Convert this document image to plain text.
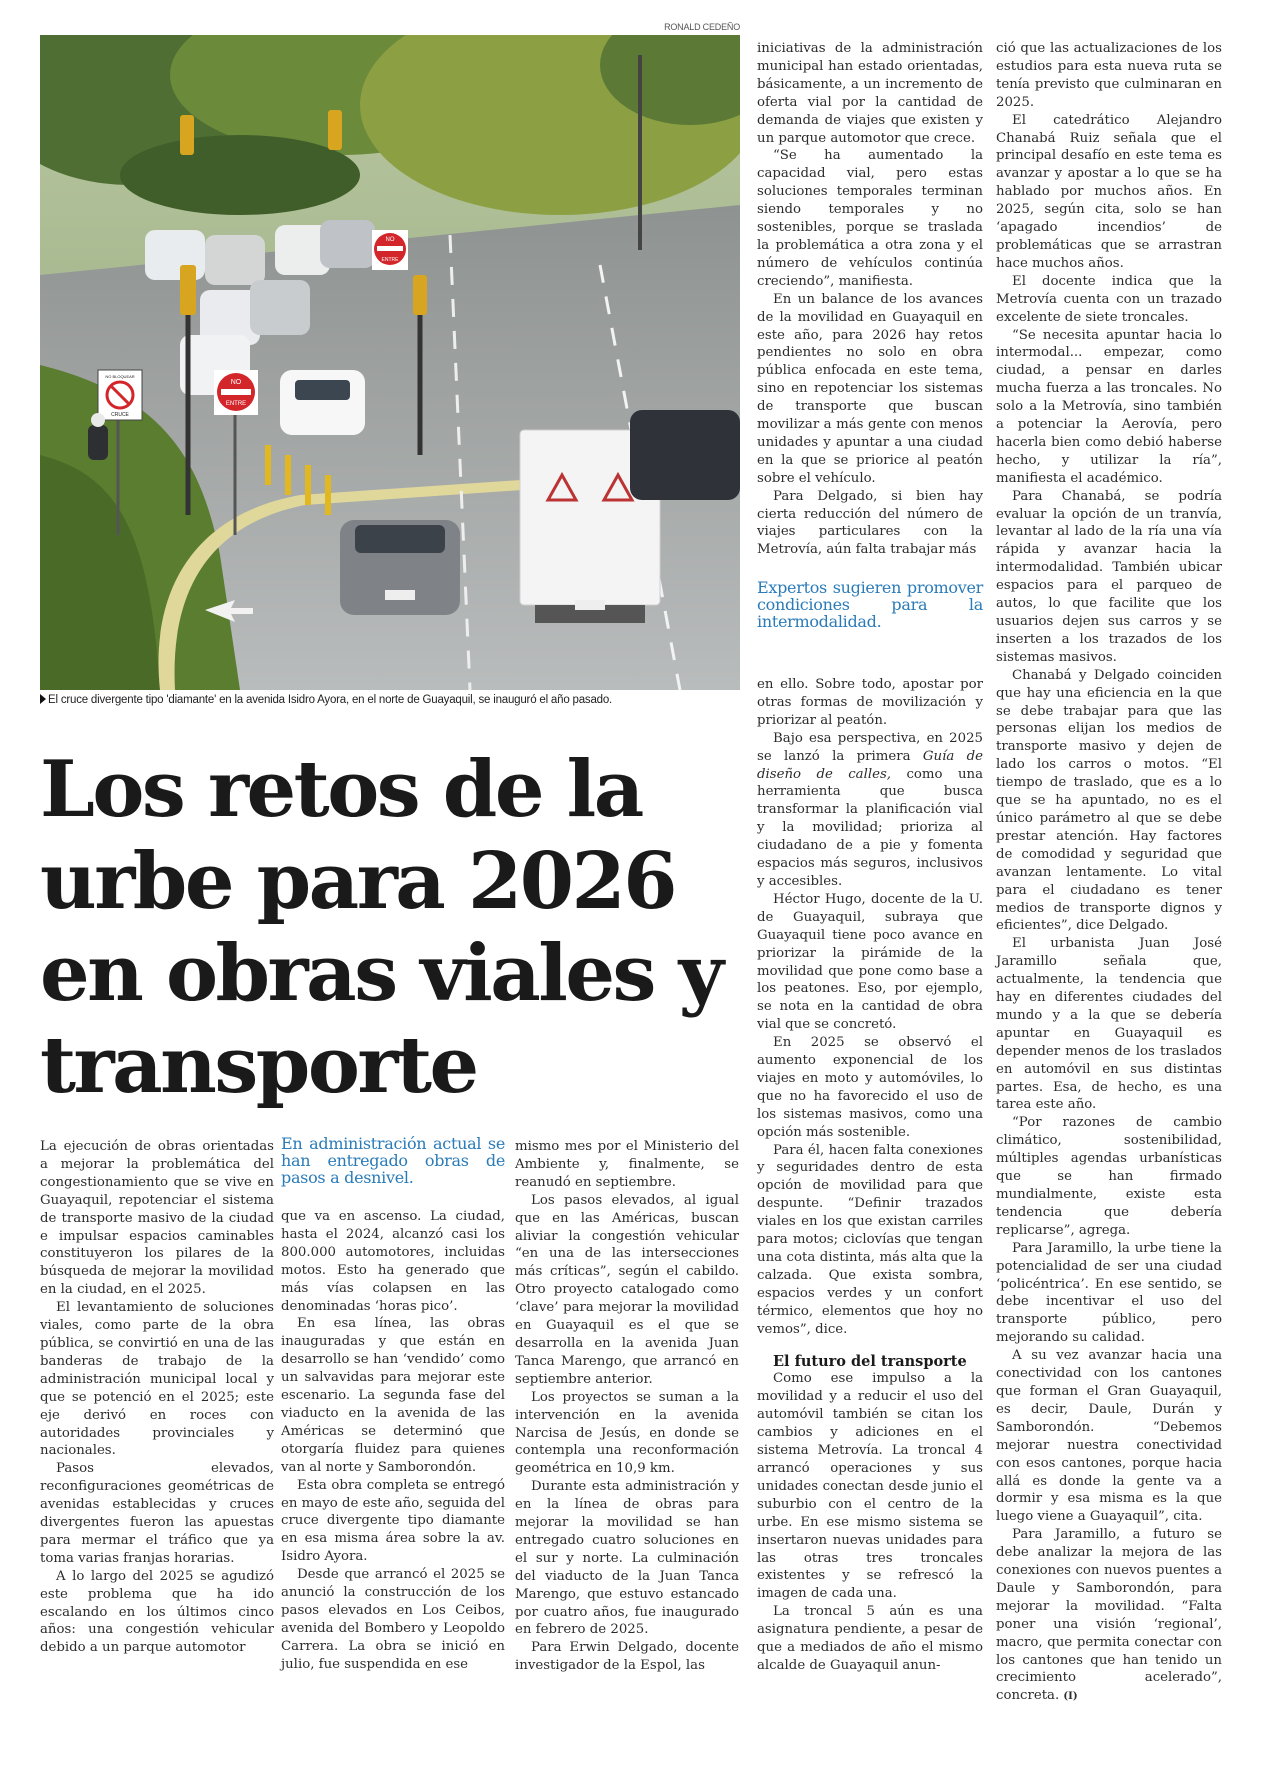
RONALD CEDEÑO
NO
ENTRE
NO
ENTRE
NO BLOQUEAR
CRUCE
El cruce divergente tipo 'diamante' en la avenida Isidro Ayora, en el norte de Guayaquil, se inauguró el año pasado.
Los retos de la urbe para 2026 en obras viales y transporte

La ejecución de obras orientadas a mejorar la problemática del congestionamiento que se vive en Guayaquil, repotenciar el sistema de transporte masivo de la ciudad e impulsar espacios caminables constituyeron los pilares de la búsqueda de mejorar la movilidad en la ciudad, en el 2025.

El levantamiento de soluciones viales, como parte de la obra pública, se convirtió en una de las banderas de trabajo de la administración municipal local y que se potenció en el 2025; este eje derivó en roces con autoridades provinciales y nacionales.

Pasos elevados, reconfiguraciones geométricas de avenidas establecidas y cruces divergentes fueron las apuestas para mermar el tráfico que ya toma varias franjas horarias.

A lo largo del 2025 se agudizó este problema que ha ido escalando en los últimos cinco años: una congestión vehicular debido a un parque automotor

En administración actual se han entregado obras de pasos a desnivel.

que va en ascenso. La ciudad, hasta el 2024, alcanzó casi los 800.000 automotores, incluidas motos. Esto ha generado que más vías colapsen en las denominadas ‘horas pico’.

En esa línea, las obras inauguradas y que están en desarrollo se han ‘vendido’ como un salvavidas para mejorar este escenario. La segunda fase del viaducto en la avenida de las Américas se determinó que otorgaría fluidez para quienes van al norte y Samborondón.

Esta obra completa se entregó en mayo de este año, seguida del cruce divergente tipo diamante en esa misma área sobre la av. Isidro Ayora.

Desde que arrancó el 2025 se anunció la construcción de los pasos elevados en Los Ceibos, avenida del Bombero y Leopoldo Carrera. La obra se inició en julio, fue suspendida en ese

mismo mes por el Ministerio del Ambiente y, finalmente, se reanudó en septiembre.

Los pasos elevados, al igual que en las Américas, buscan aliviar la congestión vehicular “en una de las intersecciones más críticas”, según el cabildo. Otro proyecto catalogado como ‘clave’ para mejorar la movilidad en Guayaquil es el que se desarrolla en la avenida Juan Tanca Marengo, que arrancó en septiembre anterior.

Los proyectos se suman a la intervención en la avenida Narcisa de Jesús, en donde se contempla una reconformación geométrica en 10,9 km.

Durante esta administración y en la línea de obras para mejorar la movilidad se han entregado cuatro soluciones en el sur y norte. La culminación del viaducto de la Juan Tanca Marengo, que estuvo estancado por cuatro años, fue inaugurado en febrero de 2025.

Para Erwin Delgado, docente investigador de la Espol, las

iniciativas de la administración municipal han estado orientadas, básicamente, a un incremento de oferta vial por la cantidad de demanda de viajes que existen y un parque automotor que crece.

“Se ha aumentado la capacidad vial, pero estas soluciones temporales terminan siendo temporales y no sostenibles, porque se traslada la problemática a otra zona y el número de vehículos continúa creciendo”, manifiesta.

En un balance de los avances de la movilidad en Guayaquil en este año, para 2026 hay retos pendientes no solo en obra pública enfocada en este tema, sino en repotenciar los sistemas de transporte que buscan movilizar a más gente con menos unidades y apuntar a una ciudad en la que se priorice al peatón sobre el vehículo.

Para Delgado, si bien hay cierta reducción del número de viajes particulares con la Metrovía, aún falta trabajar más

Expertos sugieren promover condiciones para la intermodalidad.

en ello. Sobre todo, apostar por otras formas de movilización y priorizar al peatón.

Bajo esa perspectiva, en 2025 se lanzó la primera Guía de diseño de calles, como una herramienta que busca transformar la planificación vial y la movilidad; prioriza al ciudadano de a pie y fomenta espacios más seguros, inclusivos y accesibles.

Héctor Hugo, docente de la U. de Guayaquil, subraya que Guayaquil tiene poco avance en priorizar la pirámide de la movilidad que pone como base a los peatones. Eso, por ejemplo, se nota en la cantidad de obra vial que se concretó.

En 2025 se observó el aumento exponencial de los viajes en moto y automóviles, lo que no ha favorecido el uso de los sistemas masivos, como una opción más sostenible.

Para él, hacen falta conexiones y seguridades dentro de esta opción de movilidad para que despunte. “Definir trazados viales en los que existan carriles para motos; ciclovías que tengan una cota distinta, más alta que la calzada. Que exista sombra, espacios verdes y un confort térmico, elementos que hoy no vemos”, dice.

El futuro del transporte

Como ese impulso a la movilidad y a reducir el uso del automóvil también se citan los cambios y adiciones en el sistema Metrovía. La troncal 4 arrancó operaciones y sus unidades conectan desde junio el suburbio con el centro de la urbe. En ese mismo sistema se insertaron nuevas unidades para las otras tres troncales existentes y se refrescó la imagen de cada una.

La troncal 5 aún es una asignatura pendiente, a pesar de que a mediados de año el mismo alcalde de Guayaquil anun-

ció que las actualizaciones de los estudios para esta nueva ruta se tenía previsto que culminaran en 2025.

El catedrático Alejandro Chanabá Ruiz señala que el principal desafío en este tema es avanzar y apostar a lo que se ha hablado por muchos años. En 2025, según cita, solo se han ‘apagado incendios’ de problemáticas que se arrastran hace muchos años.

El docente indica que la Metrovía cuenta con un trazado excelente de siete troncales.

“Se necesita apuntar hacia lo intermodal... empezar, como ciudad, a pensar en darles mucha fuerza a las troncales. No solo a la Metrovía, sino también a potenciar la Aerovía, pero hacerla bien como debió haberse hecho, y utilizar la ría”, manifiesta el académico.

Para Chanabá, se podría evaluar la opción de un tranvía, levantar al lado de la ría una vía rápida y avanzar hacia la intermodalidad. También ubicar espacios para el parqueo de autos, lo que facilite que los usuarios dejen sus carros y se inserten a los trazados de los sistemas masivos.

Chanabá y Delgado coinciden que hay una eficiencia en la que se debe trabajar para que las personas elijan los medios de transporte masivo y dejen de lado los carros o motos. “El tiempo de traslado, que es a lo que se ha apuntado, no es el único parámetro al que se debe prestar atención. Hay factores de comodidad y seguridad que avanzan lentamente. Lo vital para el ciudadano es tener medios de transporte dignos y eficientes”, dice Delgado.

El urbanista Juan José Jaramillo señala que, actualmente, la tendencia que hay en diferentes ciudades del mundo y a la que se debería apuntar en Guayaquil es depender menos de los traslados en automóvil en sus distintas partes. Esa, de hecho, es una tarea este año.

“Por razones de cambio climático, sostenibilidad, múltiples agendas urbanísticas que se han firmado mundialmente, existe esta tendencia que debería replicarse”, agrega.

Para Jaramillo, la urbe tiene la potencialidad de ser una ciudad ‘policéntrica’. En ese sentido, se debe incentivar el uso del transporte público, pero mejorando su calidad.

A su vez avanzar hacia una conectividad con los cantones que forman el Gran Guayaquil, es decir, Daule, Durán y Samborondón. “Debemos mejorar nuestra conectividad con esos cantones, porque hacia allá es donde la gente va a dormir y esa misma es la que luego viene a Guayaquil”, cita.

Para Jaramillo, a futuro se debe analizar la mejora de las conexiones con nuevos puentes a Daule y Samborondón, para mejorar la movilidad. “Falta poner una visión ‘regional’, macro, que permita conectar con los cantones que han tenido un crecimiento acelerado”, concreta. (I)
